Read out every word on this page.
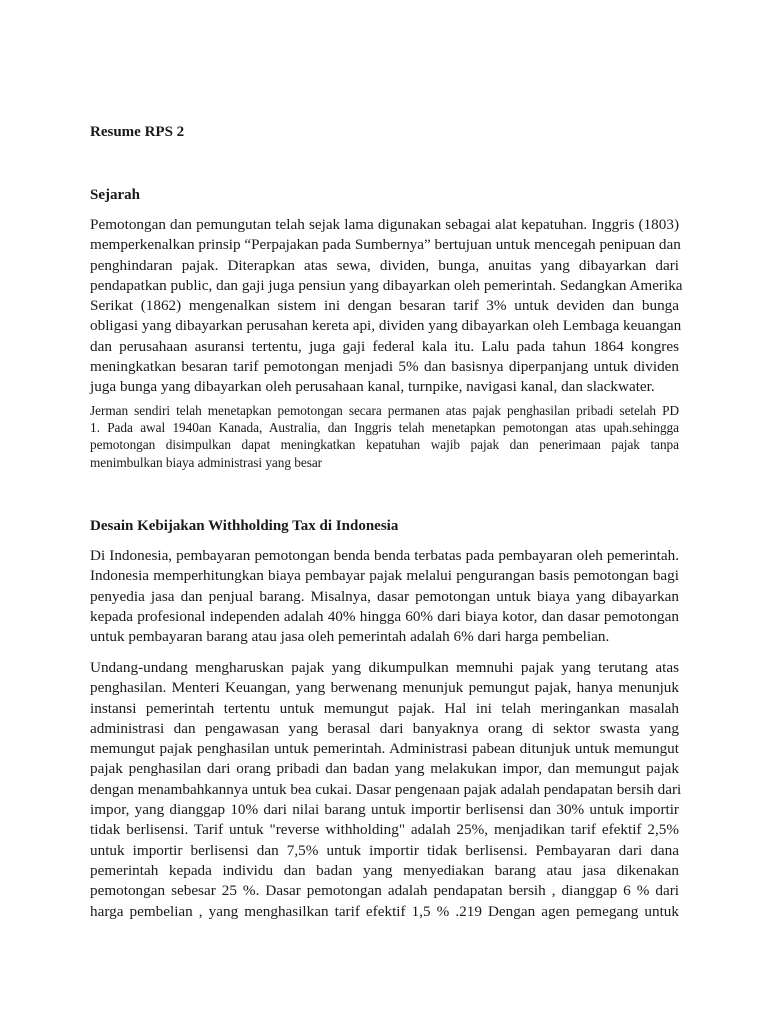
Resume RPS 2
Sejarah
Pemotongan dan pemungutan telah sejak lama digunakan sebagai alat kepatuhan. Inggris (1803)
memperkenalkan prinsip “Perpajakan pada Sumbernya” bertujuan untuk mencegah penipuan dan
penghindaran pajak. Diterapkan atas sewa, dividen, bunga, anuitas yang dibayarkan dari
pendapatkan public, dan gaji juga pensiun yang dibayarkan oleh pemerintah. Sedangkan Amerika
Serikat (1862) mengenalkan sistem ini dengan besaran tarif 3% untuk deviden dan bunga
obligasi yang dibayarkan perusahan kereta api, dividen yang dibayarkan oleh Lembaga keuangan
dan perusahaan asuransi tertentu, juga gaji federal kala itu. Lalu pada tahun 1864 kongres
meningkatkan besaran tarif pemotongan menjadi 5% dan basisnya diperpanjang untuk dividen
juga bunga yang dibayarkan oleh perusahaan kanal, turnpike, navigasi kanal, dan slackwater.
Jerman sendiri telah menetapkan pemotongan secara permanen atas pajak penghasilan pribadi setelah PD
1. Pada awal 1940an Kanada, Australia, dan Inggris telah menetapkan pemotongan atas upah.sehingga
pemotongan disimpulkan dapat meningkatkan kepatuhan wajib pajak dan penerimaan pajak tanpa
menimbulkan biaya administrasi yang besar
Desain Kebijakan Withholding Tax di Indonesia
Di Indonesia, pembayaran pemotongan benda benda terbatas pada pembayaran oleh pemerintah.
Indonesia memperhitungkan biaya pembayar pajak melalui pengurangan basis pemotongan bagi
penyedia jasa dan penjual barang. Misalnya, dasar pemotongan untuk biaya yang dibayarkan
kepada profesional independen adalah 40% hingga 60% dari biaya kotor, dan dasar pemotongan
untuk pembayaran barang atau jasa oleh pemerintah adalah 6% dari harga pembelian.
Undang-undang mengharuskan pajak yang dikumpulkan memnuhi pajak yang terutang atas
penghasilan. Menteri Keuangan, yang berwenang menunjuk pemungut pajak, hanya menunjuk
instansi pemerintah tertentu untuk memungut pajak. Hal ini telah meringankan masalah
administrasi dan pengawasan yang berasal dari banyaknya orang di sektor swasta yang
memungut pajak penghasilan untuk pemerintah. Administrasi pabean ditunjuk untuk memungut
pajak penghasilan dari orang pribadi dan badan yang melakukan impor, dan memungut pajak
dengan menambahkannya untuk bea cukai. Dasar pengenaan pajak adalah pendapatan bersih dari
impor, yang dianggap 10% dari nilai barang untuk importir berlisensi dan 30% untuk importir
tidak berlisensi. Tarif untuk "reverse withholding" adalah 25%, menjadikan tarif efektif 2,5%
untuk importir berlisensi dan 7,5% untuk importir tidak berlisensi. Pembayaran dari dana
pemerintah kepada individu dan badan yang menyediakan barang atau jasa dikenakan
pemotongan sebesar 25 %. Dasar pemotongan adalah pendapatan bersih , dianggap 6 % dari
harga pembelian , yang menghasilkan tarif efektif 1,5 % .219 Dengan agen pemegang untuk
